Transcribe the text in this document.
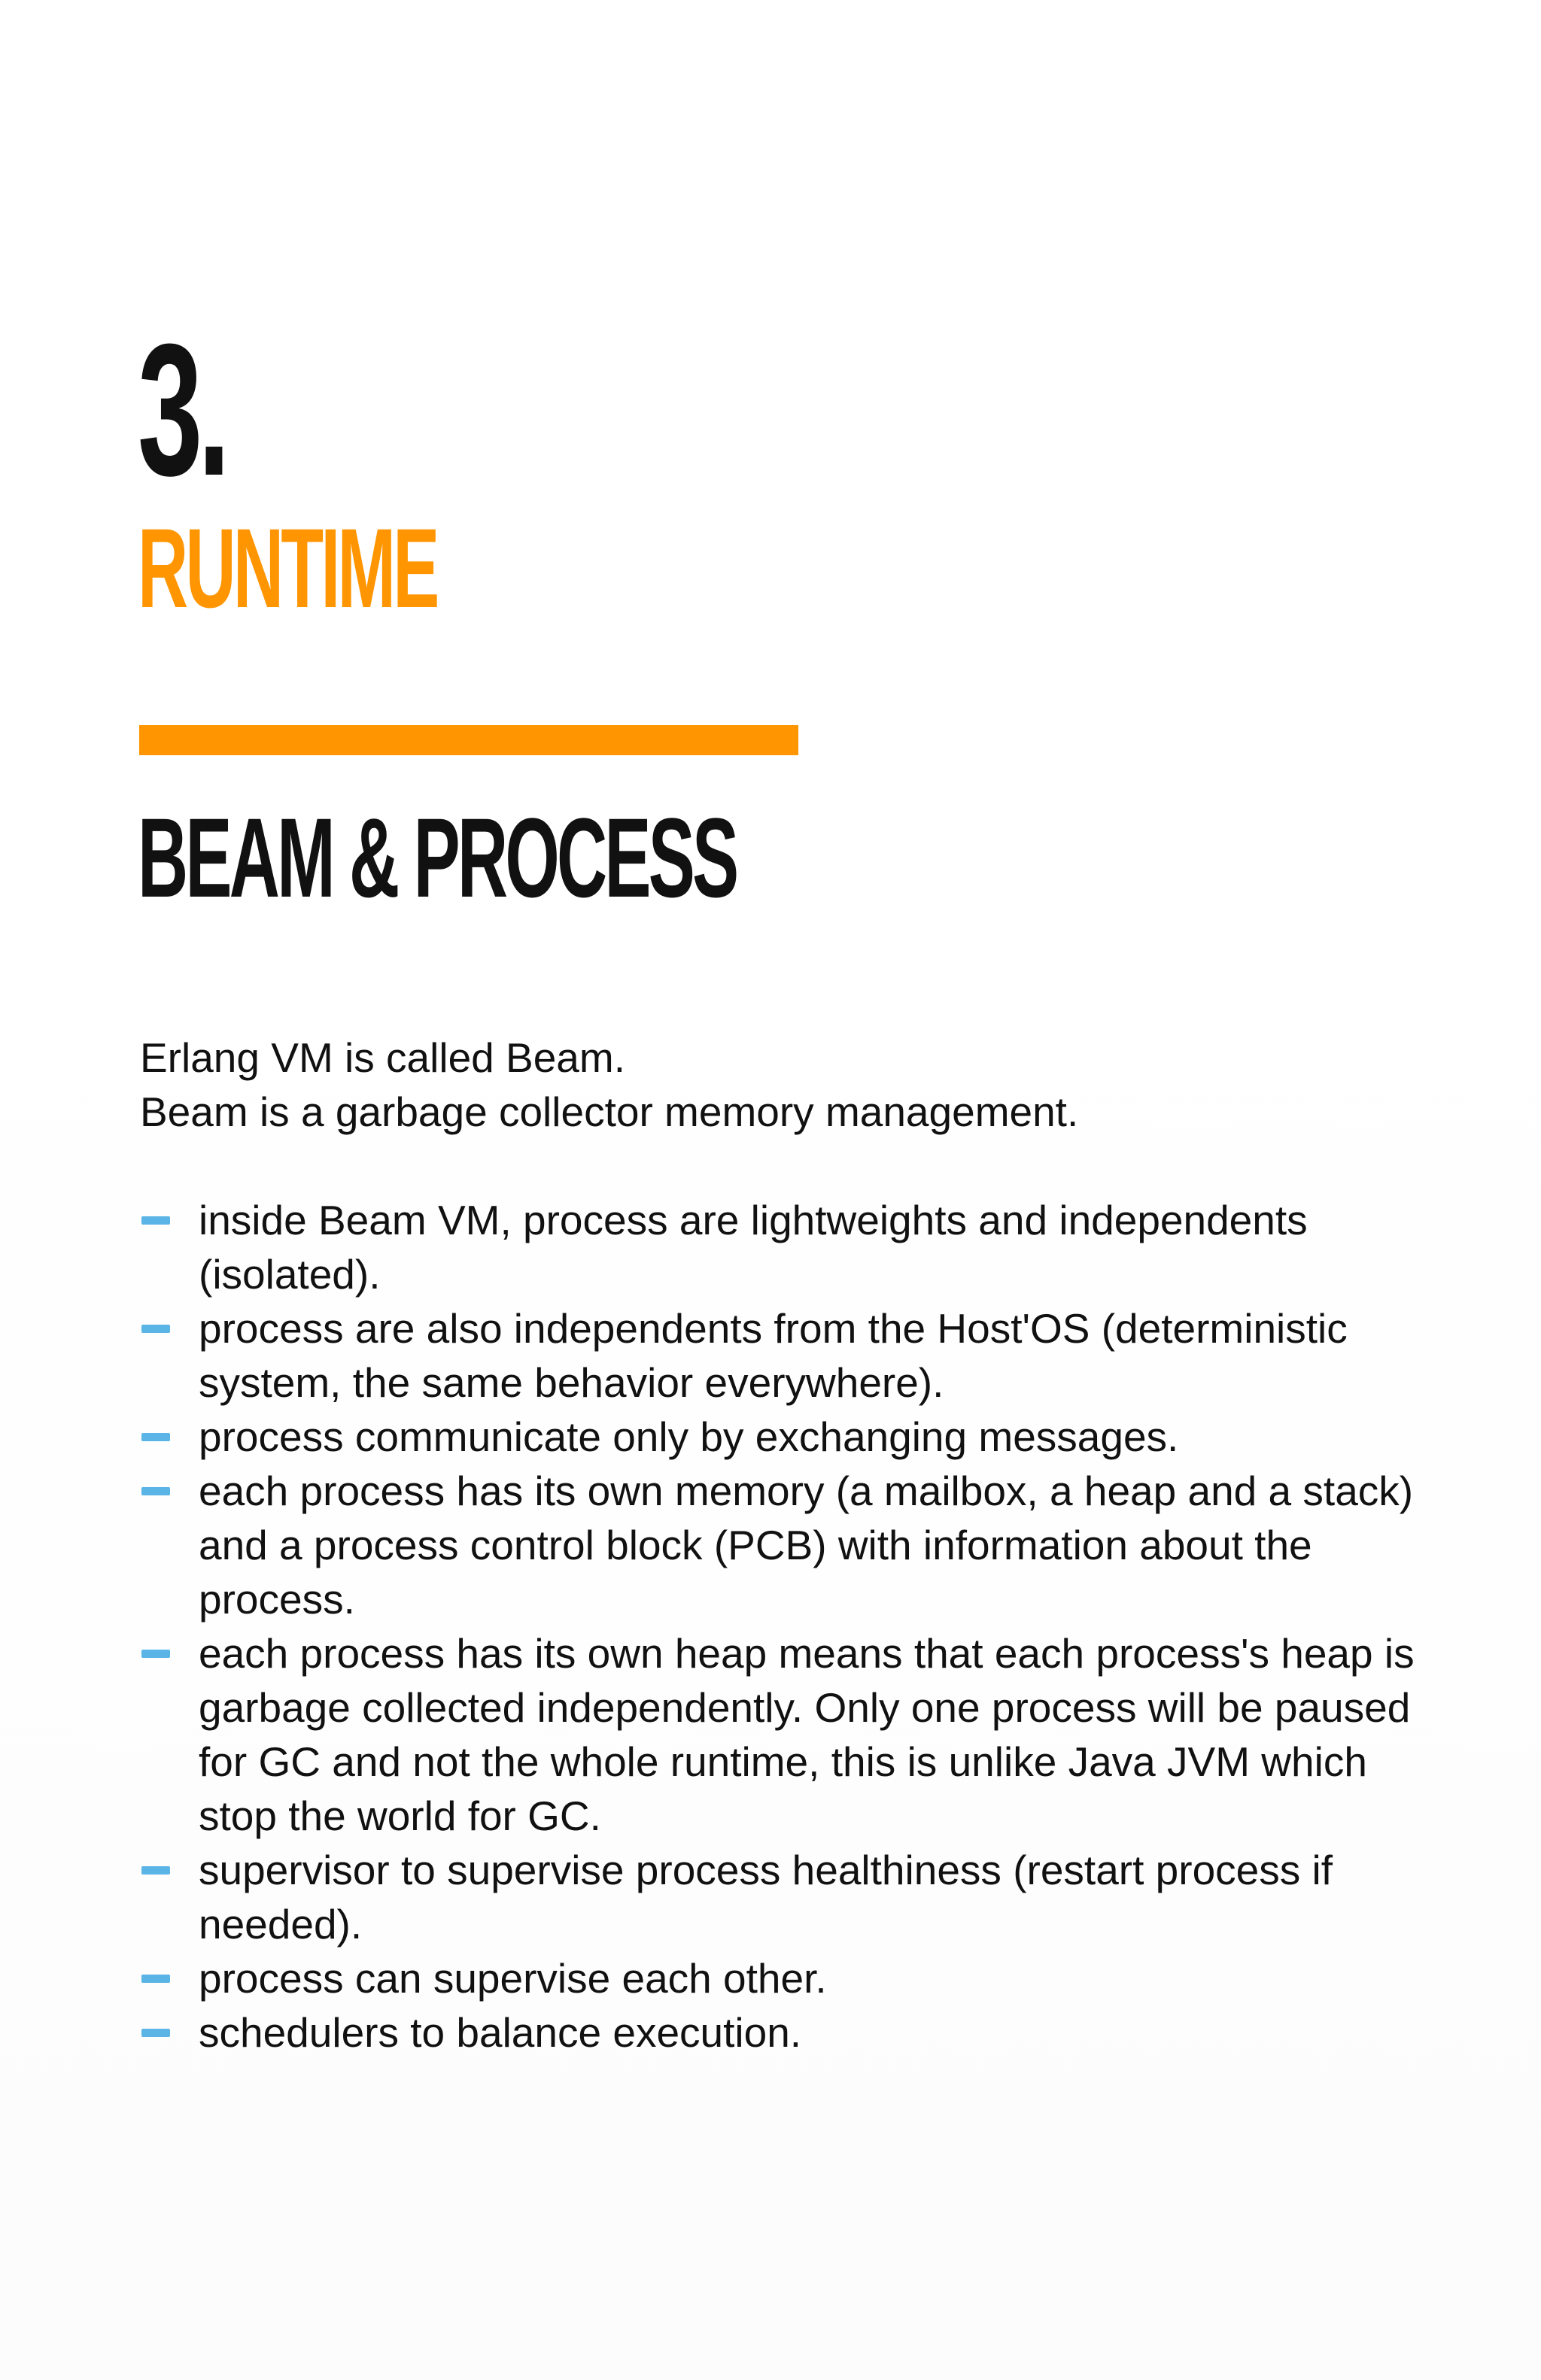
3.
RUNTIME
BEAM & PROCESS

Erlang VM is called Beam.

Beam is a garbage collector memory management.

inside Beam VM, process are lightweights and independents (isolated).
process are also independents from the Host'OS (deterministic system, the same behavior everywhere).
process communicate only by exchanging messages.
each process has its own memory (a mailbox, a heap and a stack) and a process control block (PCB) with information about the process.
each process has its own heap means that each process's heap is garbage collected independently. Only one process will be paused for GC and not the whole runtime, this is unlike Java JVM which stop the world for GC.
supervisor to supervise process healthiness (restart process if needed).
process can supervise each other.
schedulers to balance execution.
